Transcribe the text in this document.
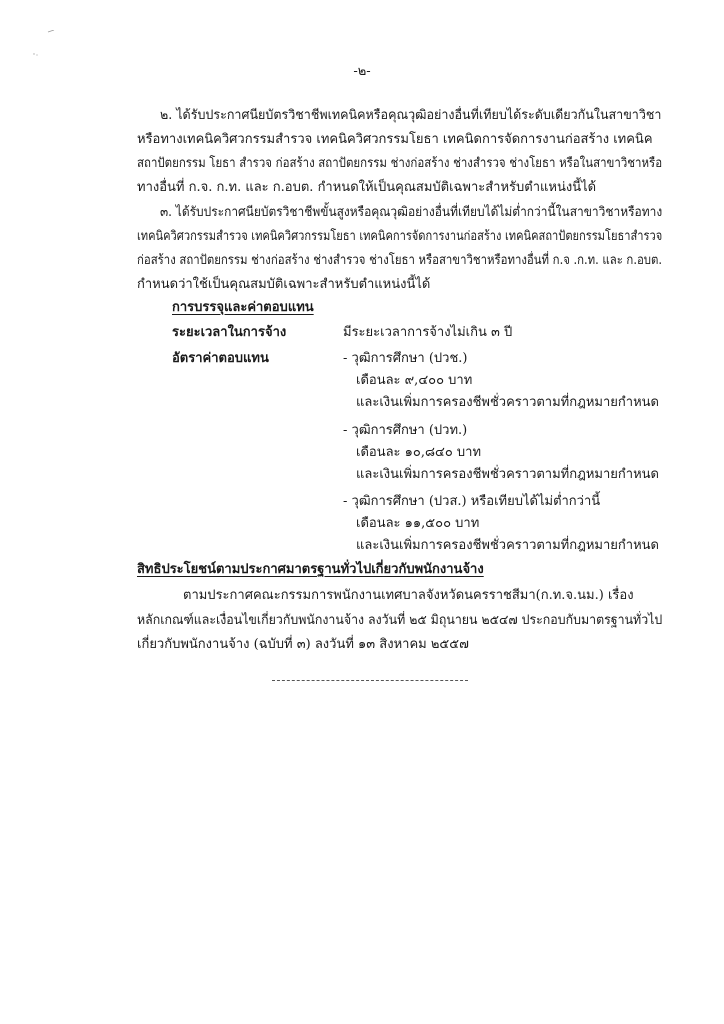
-๒-
๒. ได้รับประกาศนียบัตรวิชาชีพเทคนิคหรือคุณวุฒิอย่างอื่นที่เทียบได้ระดับเดียวกันในสาขาวิชา
หรือทางเทคนิควิศวกรรมสำรวจ เทคนิควิศวกรรมโยธา เทคนิดการจัดการงานก่อสร้าง เทคนิค
สถาปัตยกรรม โยธา สำรวจ ก่อสร้าง สถาปัตยกรรม ช่างก่อสร้าง ช่างสำรวจ ช่างโยธา หรือในสาขาวิชาหรือ
ทางอื่นที่ ก.จ. ก.ท. และ ก.อบต. กำหนดให้เป็นคุณสมบัติเฉพาะสำหรับตำแหน่งนี้ได้
๓. ได้รับประกาศนียบัตรวิชาชีพขั้นสูงหรือคุณวุฒิอย่างอื่นที่เทียบได้ไม่ต่ำกว่านี้ในสาขาวิชาหรือทาง
เทคนิควิศวกรรมสำรวจ เทคนิควิศวกรรมโยธา เทคนิคการจัดการงานก่อสร้าง เทคนิคสถาปัตยกรรมโยธาสำรวจ
ก่อสร้าง สถาปัตยกรรม ช่างก่อสร้าง ช่างสำรวจ ช่างโยธา หรือสาขาวิชาหรือทางอื่นที่ ก.จ .ก.ท. และ ก.อบต.
กำหนดว่าใช้เป็นคุณสมบัติเฉพาะสำหรับตำแหน่งนี้ได้
การบรรจุและค่าตอบแทน
ระยะเวลาในการจ้าง	มีระยะเวลาการจ้างไม่เกิน ๓ ปี
อัตราค่าตอบแทน	- วุฒิการศึกษา (ปวช.)
เดือนละ ๙,๔๐๐ บาท
และเงินเพิ่มการครองชีพชั่วคราวตามที่กฎหมายกำหนด
- วุฒิการศึกษา (ปวท.)
เดือนละ ๑๐,๘๔๐ บาท
และเงินเพิ่มการครองชีพชั่วคราวตามที่กฎหมายกำหนด
- วุฒิการศึกษา (ปวส.) หรือเทียบได้ไม่ต่ำกว่านี้
เดือนละ ๑๑,๕๐๐ บาท
และเงินเพิ่มการครองชีพชั่วคราวตามที่กฎหมายกำหนด
สิทธิประโยชน์ตามประกาศมาตรฐานทั่วไปเกี่ยวกับพนักงานจ้าง
ตามประกาศคณะกรรมการพนักงานเทศบาลจังหวัดนครราชสีมา(ก.ท.จ.นม.) เรื่อง
หลักเกณฑ์และเงื่อนไขเกี่ยวกับพนักงานจ้าง ลงวันที่ ๒๕ มิถุนายน ๒๕๔๗ ประกอบกับมาตรฐานทั่วไป
เกี่ยวกับพนักงานจ้าง (ฉบับที่ ๓) ลงวันที่ ๑๓ สิงหาคม ๒๕๕๗
